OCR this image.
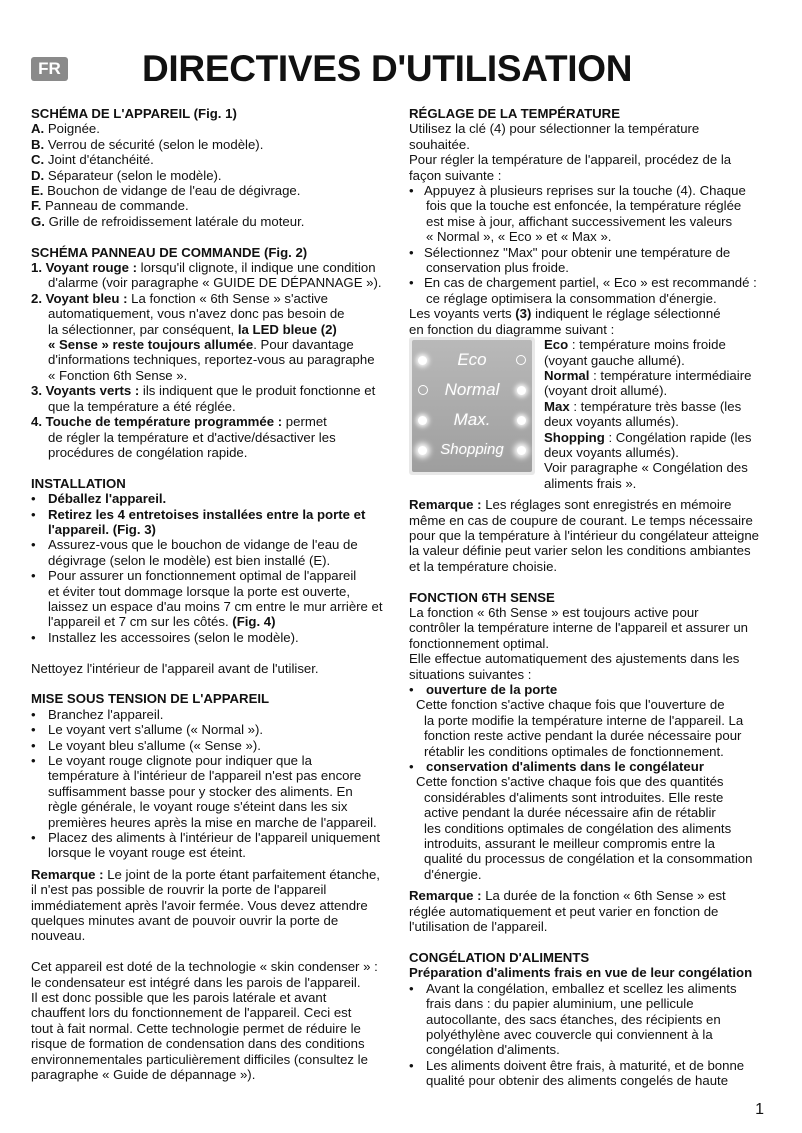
FR DIRECTIVES D'UTILISATION

SCHÉMA DE L'APPAREIL (Fig. 1)

A. Poignée.

B. Verrou de sécurité (selon le modèle).

C. Joint d'étanchéité.

D. Séparateur (selon le modèle).

E. Bouchon de vidange de l'eau de dégivrage.

F. Panneau de commande.

G. Grille de refroidissement latérale du moteur.

SCHÉMA PANNEAU DE COMMANDE (Fig. 2)

1. Voyant rouge : lorsqu'il clignote, il indique une condition

d'alarme (voir paragraphe « GUIDE DE DÉPANNAGE »).

2. Voyant bleu : La fonction « 6th Sense » s'active

automatiquement, vous n'avez donc pas besoin de

la sélectionner, par conséquent, la LED bleue (2)

« Sense » reste toujours allumée. Pour davantage

d'informations techniques, reportez-vous au paragraphe

« Fonction 6th Sense ».

3. Voyants verts : ils indiquent que le produit fonctionne et

que la température a été réglée.

4. Touche de température programmée : permet

de régler la température et d'active/désactiver les

procédures de congélation rapide.

INSTALLATION

• Déballez l'appareil.
• Retirez les 4 entretoises installées entre la porte et
l'appareil. (Fig. 3)
• Assurez-vous que le bouchon de vidange de l'eau de
dégivrage (selon le modèle) est bien installé (E).
• Pour assurer un fonctionnement optimal de l'appareil
et éviter tout dommage lorsque la porte est ouverte,
laissez un espace d'au moins 7 cm entre le mur arrière et
l'appareil et 7 cm sur les côtés. (Fig. 4)
• Installez les accessoires (selon le modèle).

Nettoyez l'intérieur de l'appareil avant de l'utiliser.

MISE SOUS TENSION DE L'APPAREIL

• Branchez l'appareil.
• Le voyant vert s'allume (« Normal »).
• Le voyant bleu s'allume (« Sense »).
• Le voyant rouge clignote pour indiquer que la
température à l'intérieur de l'appareil n'est pas encore
suffisamment basse pour y stocker des aliments. En
règle générale, le voyant rouge s'éteint dans les six
premières heures après la mise en marche de l'appareil.
• Placez des aliments à l'intérieur de l'appareil uniquement
lorsque le voyant rouge est éteint.

Remarque : Le joint de la porte étant parfaitement étanche,

il n'est pas possible de rouvrir la porte de l'appareil

immédiatement après l'avoir fermée. Vous devez attendre

quelques minutes avant de pouvoir ouvrir la porte de

nouveau.

Cet appareil est doté de la technologie « skin condenser » :

le condensateur est intégré dans les parois de l'appareil.

Il est donc possible que les parois latérale et avant

chauffent lors du fonctionnement de l'appareil. Ceci est

tout à fait normal. Cette technologie permet de réduire le

risque de formation de condensation dans des conditions

environnementales particulièrement difficiles (consultez le

paragraphe « Guide de dépannage »).

RÉGLAGE DE LA TEMPÉRATURE

Utilisez la clé (4) pour sélectionner la température

souhaitée.

Pour régler la température de l'appareil, procédez de la

façon suivante :

• Appuyez à plusieurs reprises sur la touche (4). Chaque
fois que la touche est enfoncée, la température réglée
est mise à jour, affichant successivement les valeurs
« Normal », « Eco » et « Max ».
• Sélectionnez "Max" pour obtenir une température de
conservation plus froide.
• En cas de chargement partiel, « Eco » est recommandé :
ce réglage optimisera la consommation d'énergie.

Les voyants verts (3) indiquent le réglage sélectionné

en fonction du diagramme suivant :

Eco
Normal
Max.
Shopping

Eco : température moins froide

(voyant gauche allumé).

Normal : température intermédiaire

(voyant droit allumé).

Max : température très basse (les

deux voyants allumés).

Shopping : Congélation rapide (les

deux voyants allumés).

Voir paragraphe « Congélation des

aliments frais ».

Remarque : Les réglages sont enregistrés en mémoire

même en cas de coupure de courant. Le temps nécessaire

pour que la température à l'intérieur du congélateur atteigne

la valeur définie peut varier selon les conditions ambiantes

et la température choisie.

FONCTION 6TH SENSE

La fonction « 6th Sense » est toujours active pour

contrôler la température interne de l'appareil et assurer un

fonctionnement optimal.

Elle effectue automatiquement des ajustements dans les

situations suivantes :

• ouverture de la porte

Cette fonction s'active chaque fois que l'ouverture de

la porte modifie la température interne de l'appareil. La

fonction reste active pendant la durée nécessaire pour

rétablir les conditions optimales de fonctionnement.

• conservation d'aliments dans le congélateur

Cette fonction s'active chaque fois que des quantités

considérables d'aliments sont introduites. Elle reste

active pendant la durée nécessaire afin de rétablir

les conditions optimales de congélation des aliments

introduits, assurant le meilleur compromis entre la

qualité du processus de congélation et la consommation

d'énergie.

Remarque : La durée de la fonction « 6th Sense » est

réglée automatiquement et peut varier en fonction de

l'utilisation de l'appareil.

CONGÉLATION D'ALIMENTS

Préparation d'aliments frais en vue de leur congélation

• Avant la congélation, emballez et scellez les aliments
frais dans : du papier aluminium, une pellicule
autocollante, des sacs étanches, des récipients en
polyéthylène avec couvercle qui conviennent à la
congélation d'aliments.
• Les aliments doivent être frais, à maturité, et de bonne
qualité pour obtenir des aliments congelés de haute
1
